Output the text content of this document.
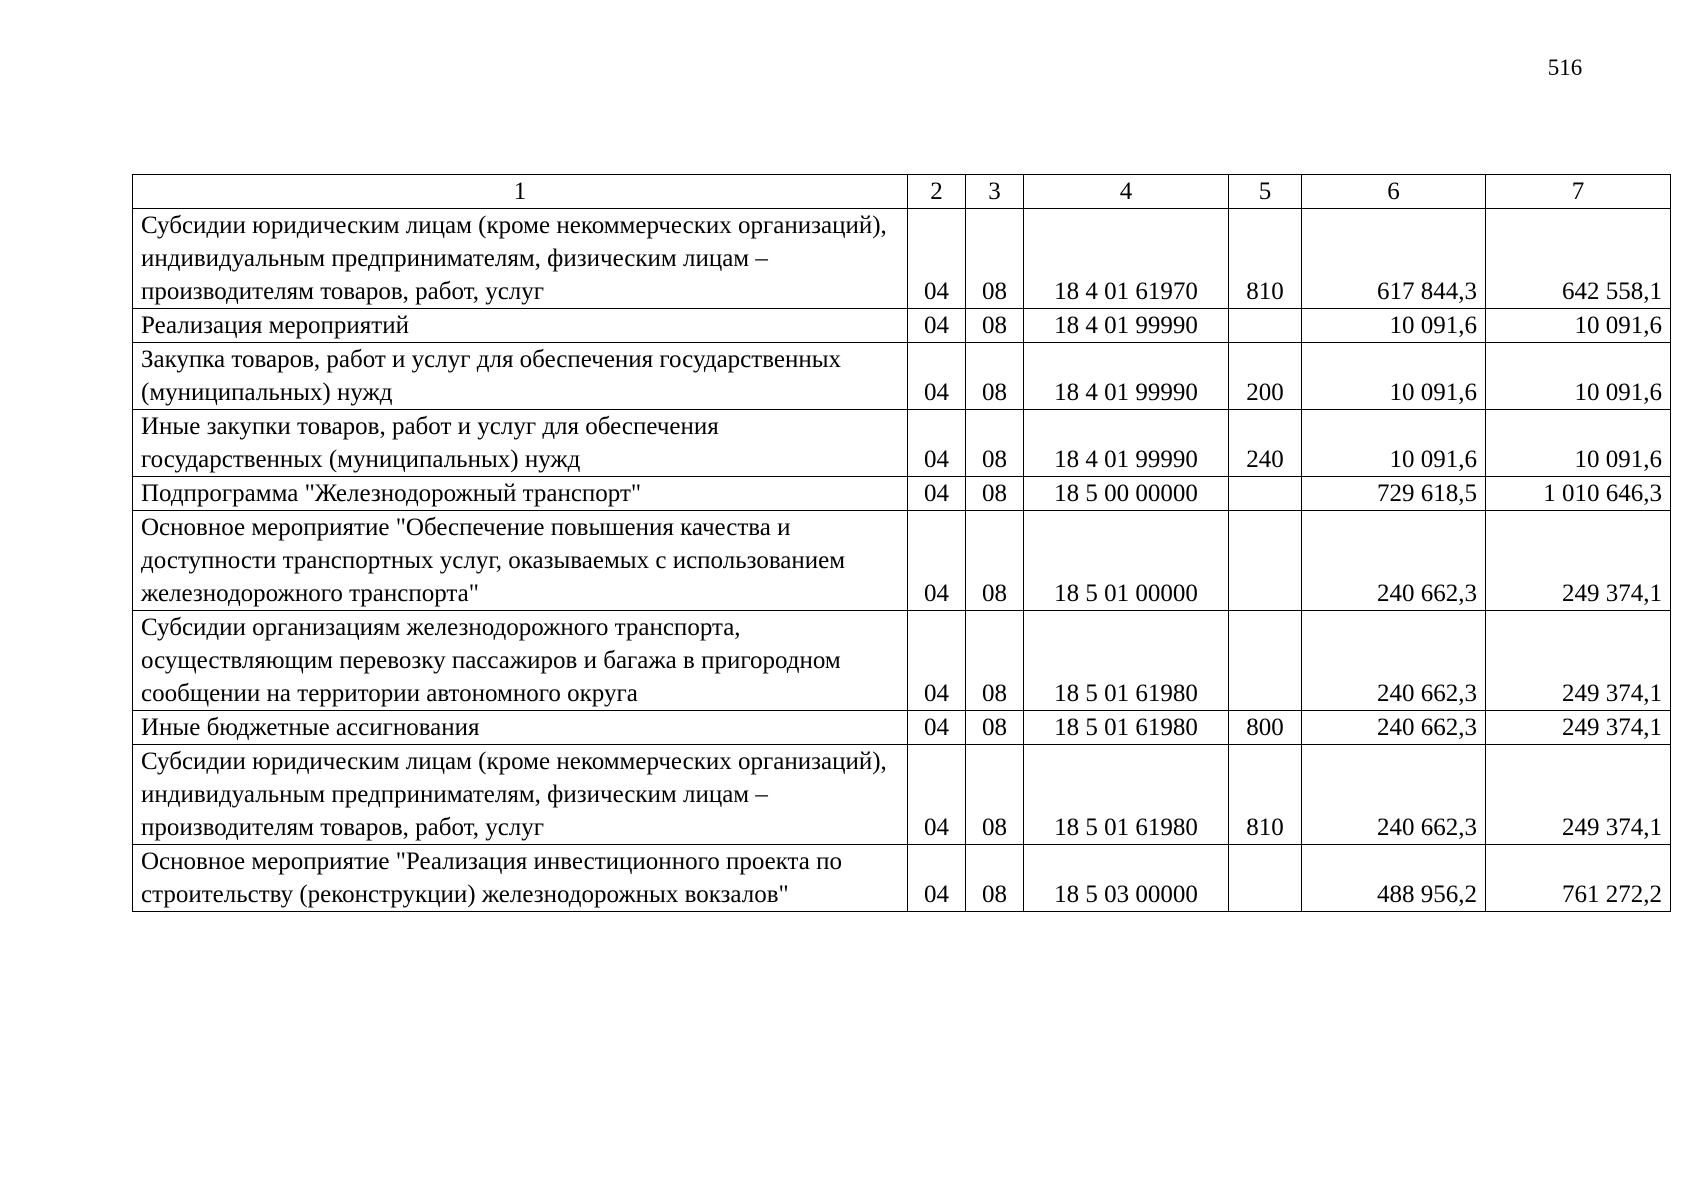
516
1	2	3	4	5	6	7
Субсидии юридическим лицам (кроме некоммерческих организаций), индивидуальным предпринимателям, физическим лицам – производителям товаров, работ, услуг	04	08	18 4 01 61970	810	617 844,3	642 558,1
Реализация мероприятий	04	08	18 4 01 99990		10 091,6	10 091,6
Закупка товаров, работ и услуг для обеспечения государственных (муниципальных) нужд	04	08	18 4 01 99990	200	10 091,6	10 091,6
Иные закупки товаров, работ и услуг для обеспечения государственных (муниципальных) нужд	04	08	18 4 01 99990	240	10 091,6	10 091,6
Подпрограмма "Железнодорожный транспорт"	04	08	18 5 00 00000		729 618,5	1 010 646,3
Основное мероприятие "Обеспечение повышения качества и доступности транспортных услуг, оказываемых с использованием железнодорожного транспорта"	04	08	18 5 01 00000		240 662,3	249 374,1
Субсидии организациям железнодорожного транспорта, осуществляющим перевозку пассажиров и багажа в пригородном сообщении на территории автономного округа	04	08	18 5 01 61980		240 662,3	249 374,1
Иные бюджетные ассигнования	04	08	18 5 01 61980	800	240 662,3	249 374,1
Субсидии юридическим лицам (кроме некоммерческих организаций), индивидуальным предпринимателям, физическим лицам – производителям товаров, работ, услуг	04	08	18 5 01 61980	810	240 662,3	249 374,1
Основное мероприятие "Реализация инвестиционного проекта по строительству (реконструкции) железнодорожных вокзалов"	04	08	18 5 03 00000		488 956,2	761 272,2
